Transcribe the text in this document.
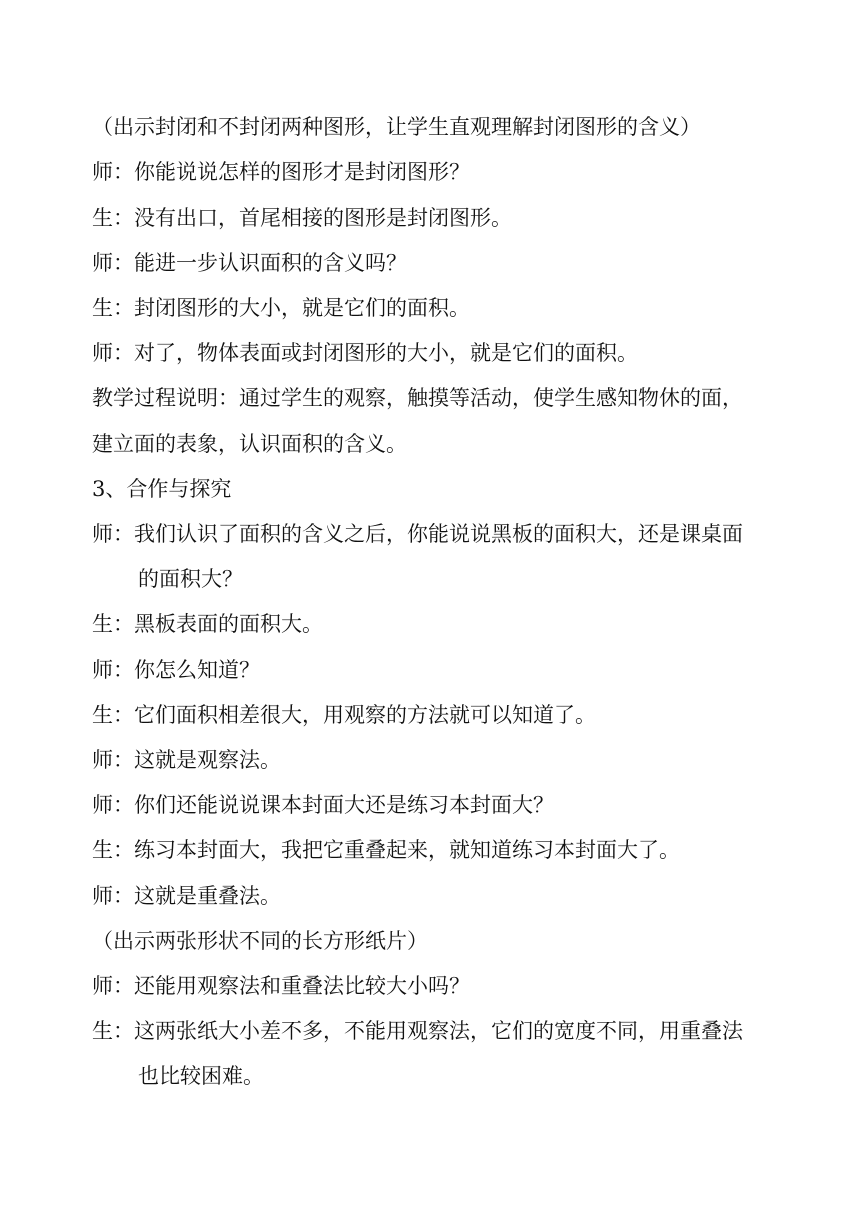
（出示封闭和不封闭两种图形，让学生直观理解封闭图形的含义）
师：你能说说怎样的图形才是封闭图形？
生：没有出口，首尾相接的图形是封闭图形。
师：能进一步认识面积的含义吗？
生：封闭图形的大小，就是它们的面积。
师：对了，物体表面或封闭图形的大小，就是它们的面积。
教学过程说明：通过学生的观察，触摸等活动，使学生感知物休的面，
建立面的表象，认识面积的含义。
3、合作与探究
师：我们认识了面积的含义之后，你能说说黑板的面积大，还是课桌面
的面积大？
生：黑板表面的面积大。
师：你怎么知道？
生：它们面积相差很大，用观察的方法就可以知道了。
师：这就是观察法。
师：你们还能说说课本封面大还是练习本封面大？
生：练习本封面大，我把它重叠起来，就知道练习本封面大了。
师：这就是重叠法。
（出示两张形状不同的长方形纸片）
师：还能用观察法和重叠法比较大小吗？
生：这两张纸大小差不多，不能用观察法，它们的宽度不同，用重叠法
也比较困难。
